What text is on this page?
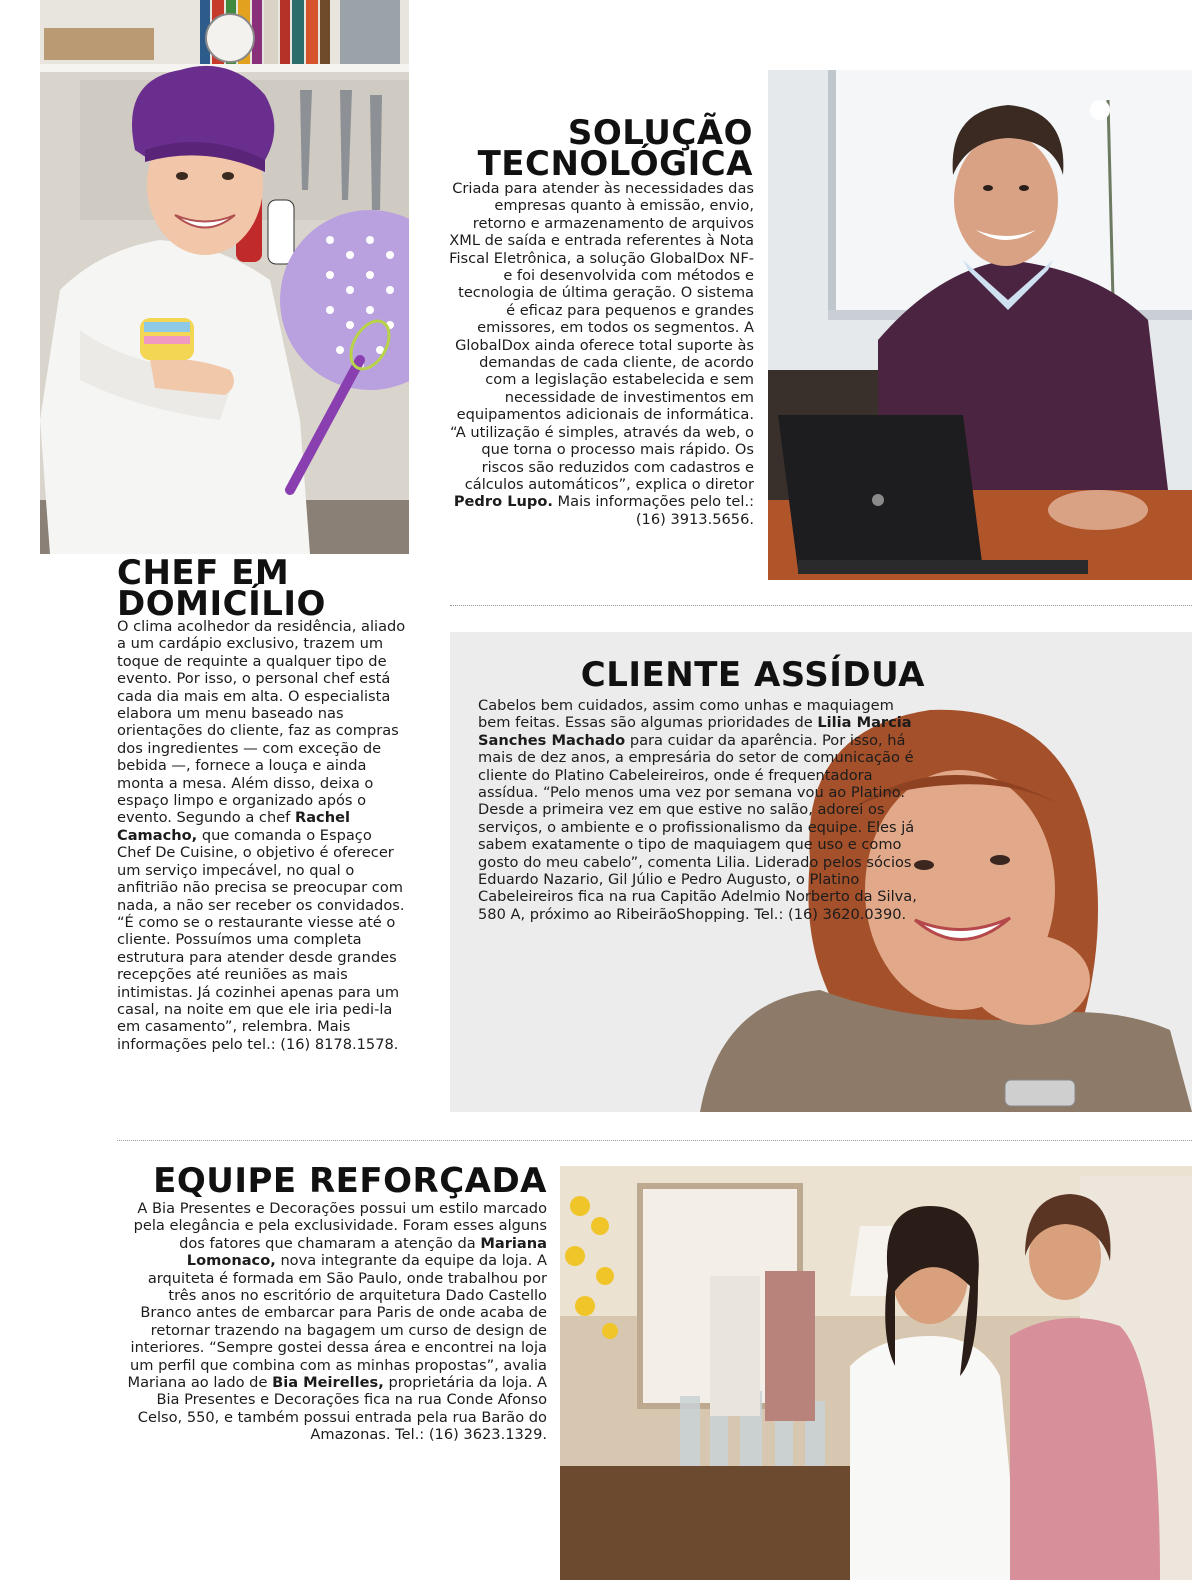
SOLUÇÃO
TECNOLÓGICA

Criada para atender às necessidades das empresas quanto à emissão, envio, retorno e armazenamento de arquivos XML de saída e entrada referentes à Nota Fiscal Eletrônica, a solução GlobalDox NF-e foi desenvolvida com métodos e tecnologia de última geração. O sistema é eficaz para pequenos e grandes emissores, em todos os segmentos. A GlobalDox ainda oferece total suporte às demandas de cada cliente, de acordo com a legislação estabelecida e sem necessidade de investimentos em equipamentos adicionais de informática. “A utilização é simples, através da web, o que torna o processo mais rápido. Os riscos são reduzidos com cadastros e cálculos automáticos”, explica o diretor Pedro Lupo. Mais informações pelo tel.: (16) 3913.5656.

CHEF EM
DOMICÍLIO

O clima acolhedor da residência, aliado a um cardápio exclusivo, trazem um toque de requinte a qualquer tipo de evento. Por isso, o personal chef está cada dia mais em alta. O especialista elabora um menu baseado nas orientações do cliente, faz as compras dos ingredientes — com exceção de bebida —, fornece a louça e ainda monta a mesa. Além disso, deixa o espaço limpo e organizado após o evento. Segundo a chef Rachel Camacho, que comanda o Espaço Chef De Cuisine, o objetivo é oferecer um serviço impecável, no qual o anfitrião não precisa se preocupar com nada, a não ser receber os convidados. “É como se o restaurante viesse até o cliente. Possuímos uma completa estrutura para atender desde grandes recepções até reuniões as mais intimistas. Já cozinhei apenas para um casal, na noite em que ele iria pedi-la em casamento”, relembra. Mais informações pelo tel.: (16) 8178.1578.

CLIENTE ASSÍDUA

Cabelos bem cuidados, assim como unhas e maquiagem bem feitas. Essas são algumas prioridades de Lilia Marcia Sanches Machado para cuidar da aparência. Por isso, há mais de dez anos, a empresária do setor de comunicação é cliente do Platino Cabeleireiros, onde é frequentadora assídua. “Pelo menos uma vez por semana vou ao Platino. Desde a primeira vez em que estive no salão, adorei os serviços, o ambiente e o profissionalismo da equipe. Eles já sabem exatamente o tipo de maquiagem que uso e como gosto do meu cabelo”, comenta Lilia. Liderado pelos sócios Eduardo Nazario, Gil Júlio e Pedro Augusto, o Platino Cabeleireiros fica na rua Capitão Adelmio Norberto da Silva, 580 A, próximo ao RibeirãoShopping. Tel.: (16) 3620.0390.

EQUIPE REFORÇADA

A Bia Presentes e Decorações possui um estilo marcado pela elegância e pela exclusividade. Foram esses alguns dos fatores que chamaram a atenção da Mariana Lomonaco, nova integrante da equipe da loja. A arquiteta é formada em São Paulo, onde trabalhou por três anos no escritório de arquitetura Dado Castello Branco antes de embarcar para Paris de onde acaba de retornar trazendo na bagagem um curso de design de interiores. “Sempre gostei dessa área e encontrei na loja um perfil que combina com as minhas propostas”, avalia Mariana ao lado de Bia Meirelles, proprietária da loja. A Bia Presentes e Decorações fica na rua Conde Afonso Celso, 550, e também possui entrada pela rua Barão do Amazonas. Tel.: (16) 3623.1329.
